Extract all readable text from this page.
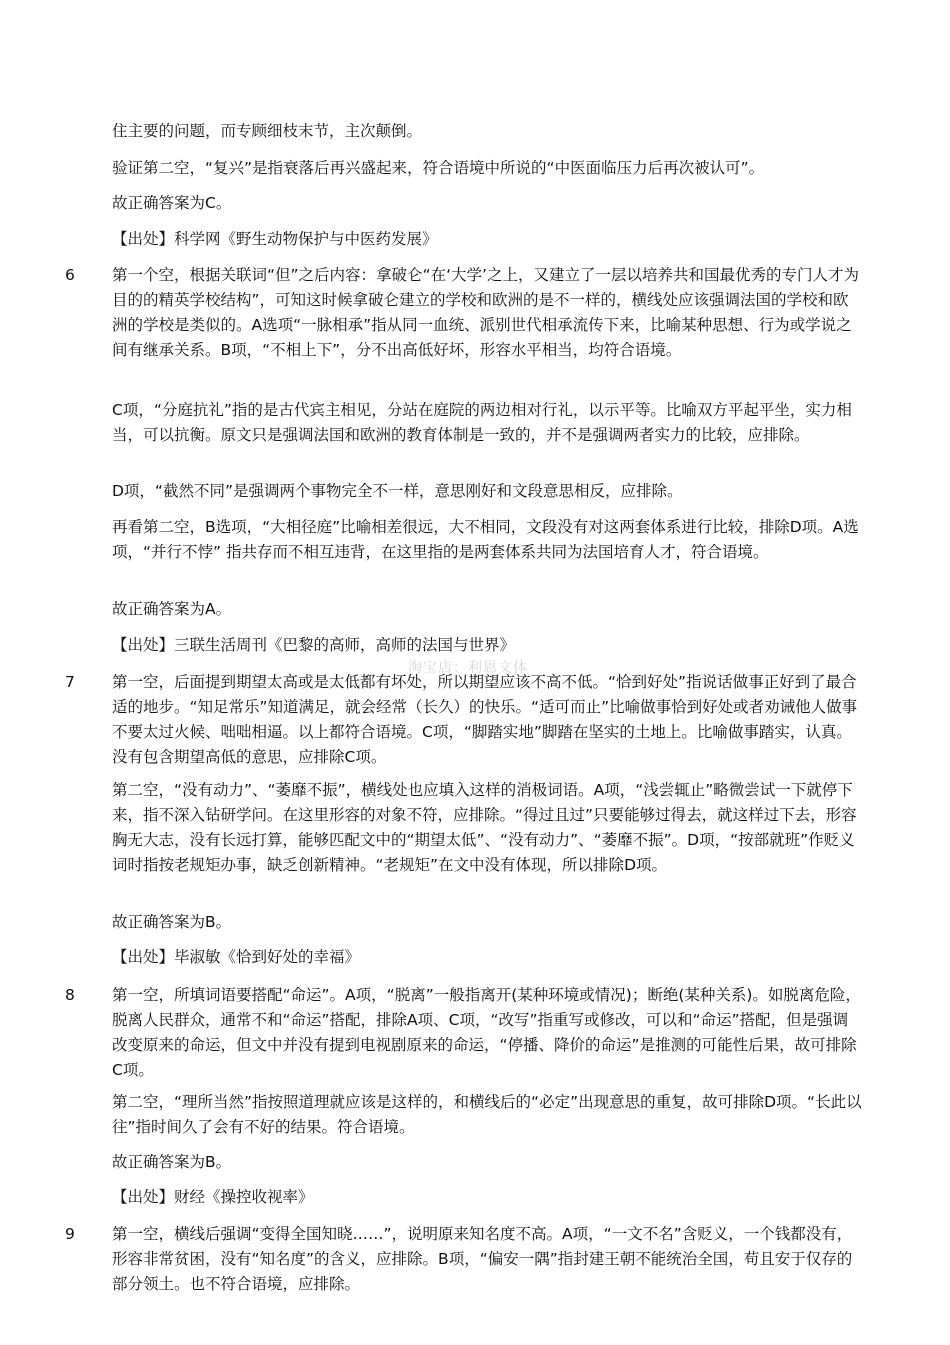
住主要的问题，而专顾细枝末节，主次颠倒。

验证第二空，“复兴”是指衰落后再兴盛起来，符合语境中所说的“中医面临压力后再次被认可”。

故正确答案为C。

【出处】科学网《野生动物保护与中医药发展》

6 第一个空，根据关联词“但”之后内容：拿破仑“在‘大学’之上，又建立了一层以培养共和国最优秀的专门人才为目的的精英学校结构”，可知这时候拿破仑建立的学校和欧洲的是不一样的，横线处应该强调法国的学校和欧洲的学校是类似的。A选项“一脉相承”指从同一血统、派别世代相承流传下来，比喻某种思想、行为或学说之间有继承关系。B项，“不相上下”，分不出高低好坏，形容水平相当，均符合语境。

C项，“分庭抗礼”指的是古代宾主相见，分站在庭院的两边相对行礼，以示平等。比喻双方平起平坐，实力相当，可以抗衡。原文只是强调法国和欧洲的教育体制是一致的，并不是强调两者实力的比较，应排除。

D项，“截然不同”是强调两个事物完全不一样，意思刚好和文段意思相反，应排除。

再看第二空，B选项，“大相径庭”比喻相差很远，大不相同，文段没有对这两套体系进行比较，排除D项。A选项，“并行不悖” 指共存而不相互违背，在这里指的是两套体系共同为法国培育人才，符合语境。

故正确答案为A。

【出处】三联生活周刊《巴黎的高师，高师的法国与世界》

淘宝店：利恩文体
7 第一空，后面提到期望太高或是太低都有坏处，所以期望应该不高不低。“恰到好处”指说话做事正好到了最合适的地步。“知足常乐”知道满足，就会经常（长久）的快乐。“适可而止”比喻做事恰到好处或者劝诫他人做事不要太过火候、咄咄相逼。以上都符合语境。C项，“脚踏实地”脚踏在坚实的土地上。比喻做事踏实，认真。没有包含期望高低的意思，应排除C项。

第二空，“没有动力”、“萎靡不振”，横线处也应填入这样的消极词语。A项，“浅尝辄止”略微尝试一下就停下来，指不深入钻研学问。在这里形容的对象不符，应排除。“得过且过”只要能够过得去，就这样过下去，形容胸无大志，没有长远打算，能够匹配文中的“期望太低”、“没有动力”、“萎靡不振”。D项，“按部就班”作贬义词时指按老规矩办事，缺乏创新精神。“老规矩”在文中没有体现，所以排除D项。

故正确答案为B。

【出处】毕淑敏《恰到好处的幸福》

8 第一空，所填词语要搭配“命运”。A项，“脱离”一般指离开(某种环境或情况)；断绝(某种关系)。如脱离危险，脱离人民群众，通常不和“命运”搭配，排除A项、C项，“改写”指重写或修改，可以和“命运”搭配，但是强调改变原来的命运，但文中并没有提到电视剧原来的命运，“停播、降价的命运”是推测的可能性后果，故可排除C项。

第二空，“理所当然”指按照道理就应该是这样的，和横线后的“必定”出现意思的重复，故可排除D项。“长此以往”指时间久了会有不好的结果。符合语境。

故正确答案为B。

【出处】财经《操控收视率》

9 第一空，横线后强调“变得全国知晓……”，说明原来知名度不高。A项，“一文不名”含贬义，一个钱都没有，形容非常贫困，没有“知名度”的含义，应排除。B项，“偏安一隅”指封建王朝不能统治全国，苟且安于仅存的部分领土。也不符合语境，应排除。
